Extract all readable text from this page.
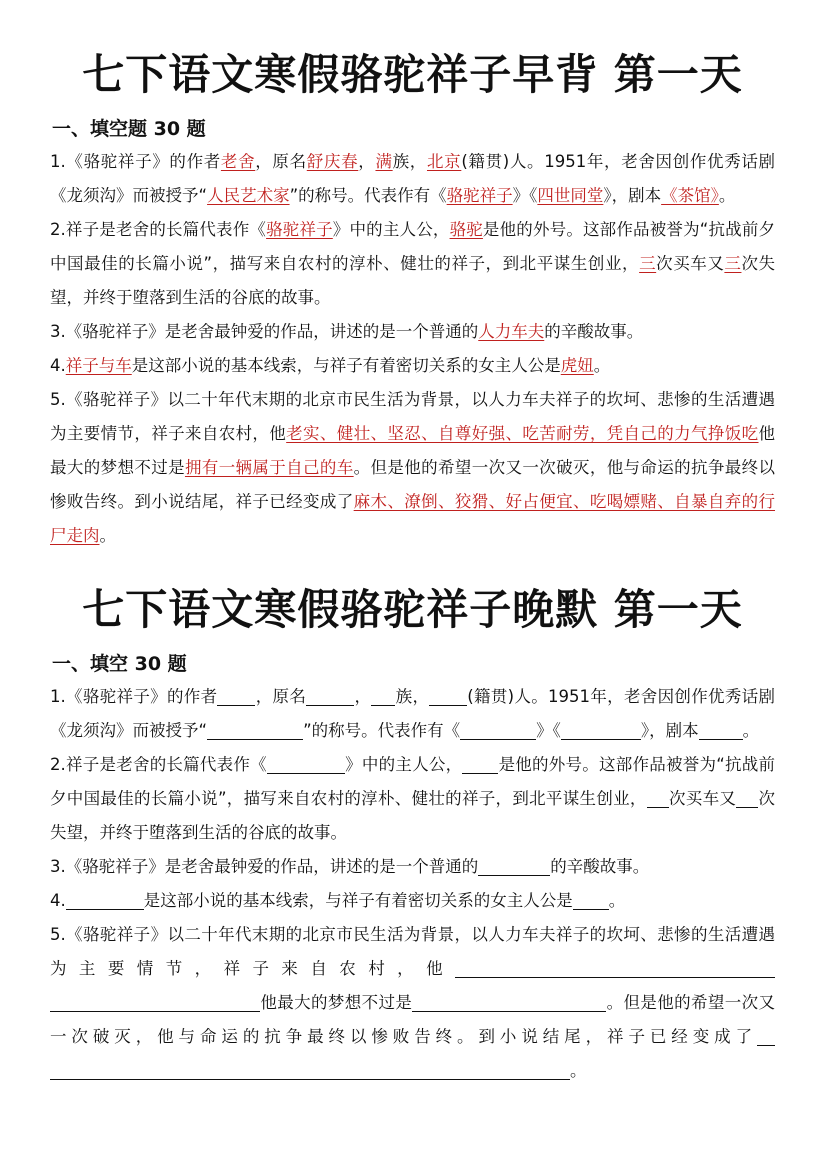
七下语文寒假骆驼祥子早背 第一天
一、填空题 30 题

1.《骆驼祥子》的作者老舍，原名舒庆春，满族，北京(籍贯)人。1951年，老舍因创作优秀话剧《龙须沟》而被授予“人民艺术家”的称号。代表作有《骆驼祥子》《四世同堂》，剧本《茶馆》。

2.祥子是老舍的长篇代表作《骆驼祥子》中的主人公，骆驼是他的外号。这部作品被誉为“抗战前夕中国最佳的长篇小说”，描写来自农村的淳朴、健壮的祥子，到北平谋生创业，三次买车又三次失望，并终于堕落到生活的谷底的故事。

3.《骆驼祥子》是老舍最钟爱的作品，讲述的是一个普通的人力车夫的辛酸故事。

4.祥子与车是这部小说的基本线索，与祥子有着密切关系的女主人公是虎妞。

5.《骆驼祥子》以二十年代末期的北京市民生活为背景，以人力车夫祥子的坎坷、悲惨的生活遭遇为主要情节，祥子来自农村，他老实、健壮、坚忍、自尊好强、吃苦耐劳，凭自己的力气挣饭吃他最大的梦想不过是拥有一辆属于自己的车。但是他的希望一次又一次破灭，他与命运的抗争最终以惨败告终。到小说结尾，祥子已经变成了麻木、潦倒、狡猾、好占便宜、吃喝嫖赌、自暴自弃的行尸走肉。

七下语文寒假骆驼祥子晚默 第一天
一、填空 30 题

1.《骆驼祥子》的作者 ，原名	， 族， (籍贯)人。1951年，老舍因创作优秀话剧《龙须沟》而被授予“	”的称号。代表作有《	》《	》，剧本	。

2.祥子是老舍的长篇代表作《	》中的主人公， 是他的外号。这部作品被誉为“抗战前夕中国最佳的长篇小说”，描写来自农村的淳朴、健壮的祥子，到北平谋生创业， 次买车又 次失望，并终于堕落到生活的谷底的故事。

3.《骆驼祥子》是老舍最钟爱的作品，讲述的是一个普通的	的辛酸故事。

4.	是这部小说的基本线索，与祥子有着密切关系的女主人公是 。

5.《骆驼祥子》以二十年代末期的北京市民生活为背景，以人力车夫祥子的坎坷、悲惨的生活遭遇为主要情节，祥子来自农村，他他最大的梦想不过是	。但是他的希望一次又一次破灭，他与命运的抗争最终以惨败告终。到小说结尾，祥子已经变成了。
